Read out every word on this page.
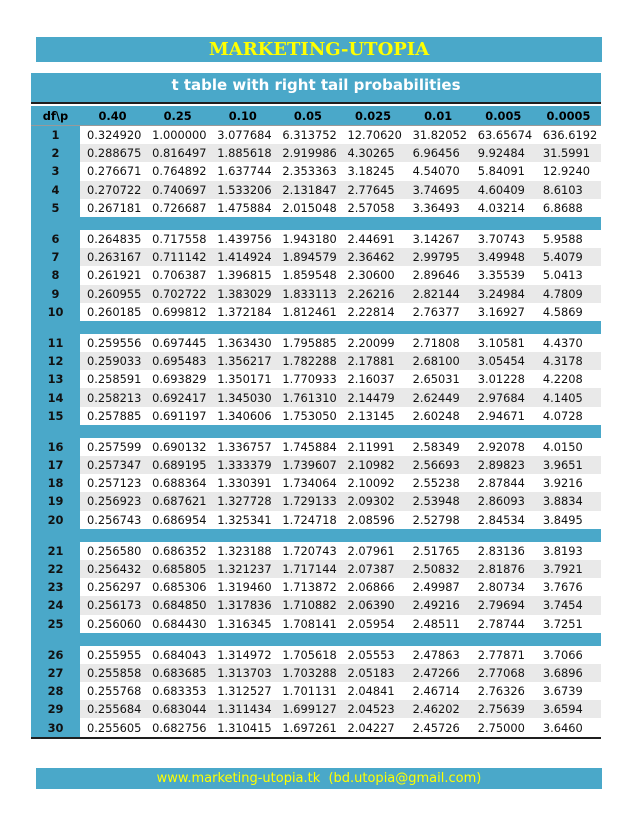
MARKETING-UTOPIA
t table with right tail probabilities
df\p	0.40	0.25	0.10	0.05	0.025	0.01	0.005	0.0005
1	0.324920	1.000000	3.077684	6.313752	12.70620	31.82052	63.65674	636.6192
2	0.288675	0.816497	1.885618	2.919986	4.30265	6.96456	9.92484	31.5991
3	0.276671	0.764892	1.637744	2.353363	3.18245	4.54070	5.84091	12.9240
4	0.270722	0.740697	1.533206	2.131847	2.77645	3.74695	4.60409	8.6103
5	0.267181	0.726687	1.475884	2.015048	2.57058	3.36493	4.03214	6.8688

6	0.264835	0.717558	1.439756	1.943180	2.44691	3.14267	3.70743	5.9588
7	0.263167	0.711142	1.414924	1.894579	2.36462	2.99795	3.49948	5.4079
8	0.261921	0.706387	1.396815	1.859548	2.30600	2.89646	3.35539	5.0413
9	0.260955	0.702722	1.383029	1.833113	2.26216	2.82144	3.24984	4.7809
10	0.260185	0.699812	1.372184	1.812461	2.22814	2.76377	3.16927	4.5869

11	0.259556	0.697445	1.363430	1.795885	2.20099	2.71808	3.10581	4.4370
12	0.259033	0.695483	1.356217	1.782288	2.17881	2.68100	3.05454	4.3178
13	0.258591	0.693829	1.350171	1.770933	2.16037	2.65031	3.01228	4.2208
14	0.258213	0.692417	1.345030	1.761310	2.14479	2.62449	2.97684	4.1405
15	0.257885	0.691197	1.340606	1.753050	2.13145	2.60248	2.94671	4.0728

16	0.257599	0.690132	1.336757	1.745884	2.11991	2.58349	2.92078	4.0150
17	0.257347	0.689195	1.333379	1.739607	2.10982	2.56693	2.89823	3.9651
18	0.257123	0.688364	1.330391	1.734064	2.10092	2.55238	2.87844	3.9216
19	0.256923	0.687621	1.327728	1.729133	2.09302	2.53948	2.86093	3.8834
20	0.256743	0.686954	1.325341	1.724718	2.08596	2.52798	2.84534	3.8495

21	0.256580	0.686352	1.323188	1.720743	2.07961	2.51765	2.83136	3.8193
22	0.256432	0.685805	1.321237	1.717144	2.07387	2.50832	2.81876	3.7921
23	0.256297	0.685306	1.319460	1.713872	2.06866	2.49987	2.80734	3.7676
24	0.256173	0.684850	1.317836	1.710882	2.06390	2.49216	2.79694	3.7454
25	0.256060	0.684430	1.316345	1.708141	2.05954	2.48511	2.78744	3.7251

26	0.255955	0.684043	1.314972	1.705618	2.05553	2.47863	2.77871	3.7066
27	0.255858	0.683685	1.313703	1.703288	2.05183	2.47266	2.77068	3.6896
28	0.255768	0.683353	1.312527	1.701131	2.04841	2.46714	2.76326	3.6739
29	0.255684	0.683044	1.311434	1.699127	2.04523	2.46202	2.75639	3.6594
30	0.255605	0.682756	1.310415	1.697261	2.04227	2.45726	2.75000	3.6460
www.marketing-utopia.tk (bd.utopia@gmail.com)
